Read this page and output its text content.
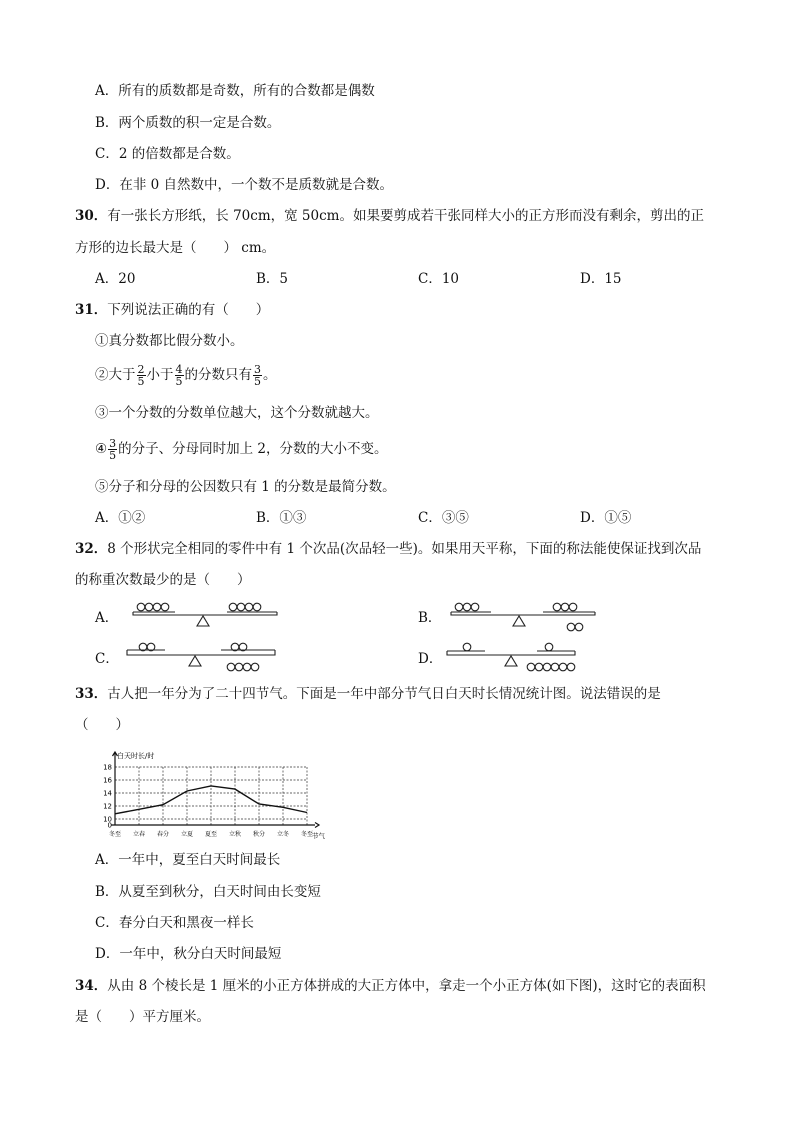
A．所有的质数都是奇数，所有的合数都是偶数
B．两个质数的积一定是合数。
C．2 的倍数都是合数。
D．在非 0 自然数中，一个数不是质数就是合数。
30．有一张长方形纸，长 70cm，宽 50cm。如果要剪成若干张同样大小的正方形而没有剩余，剪出的正
方形的边长最大是（　　） cm。
A．20	B．5	C．10	D．15
31．下列说法正确的有（　　）
①真分数都比假分数小。
②大于 $\frac{2}{5}$ 小于 $\frac{4}{5}$ 的分数只有 $\frac{3}{5}$ 。
③一个分数的分数单位越大，这个分数就越大。
④ $\frac{3}{5}$ 的分子、分母同时加上 2，分数的大小不变。
⑤分子和分母的公因数只有 1 的分数是最简分数。
A．①②	B．①③	C．③⑤	D．①⑤
32．8 个形状完全相同的零件中有 1 个次品(次品轻一些)。如果用天平称，下面的称法能使保证找到次品
的称重次数最少的是（　　）
A．	B．
C．	D．
33．古人把一年分为了二十四节气。下面是一年中部分节气日白天时长情况统计图。说法错误的是
（　　）
0
10
12
14
16
18
冬至 立春 春分 立夏 夏至 立秋 秋分 立冬 冬至
白天时长/时
节气
A．一年中，夏至白天时间最长
B．从夏至到秋分，白天时间由长变短
C．春分白天和黑夜一样长
D．一年中，秋分白天时间最短
34．从由 8 个棱长是 1 厘米的小正方体拼成的大正方体中，拿走一个小正方体(如下图)，这时它的表面积
是（　　）平方厘米。
